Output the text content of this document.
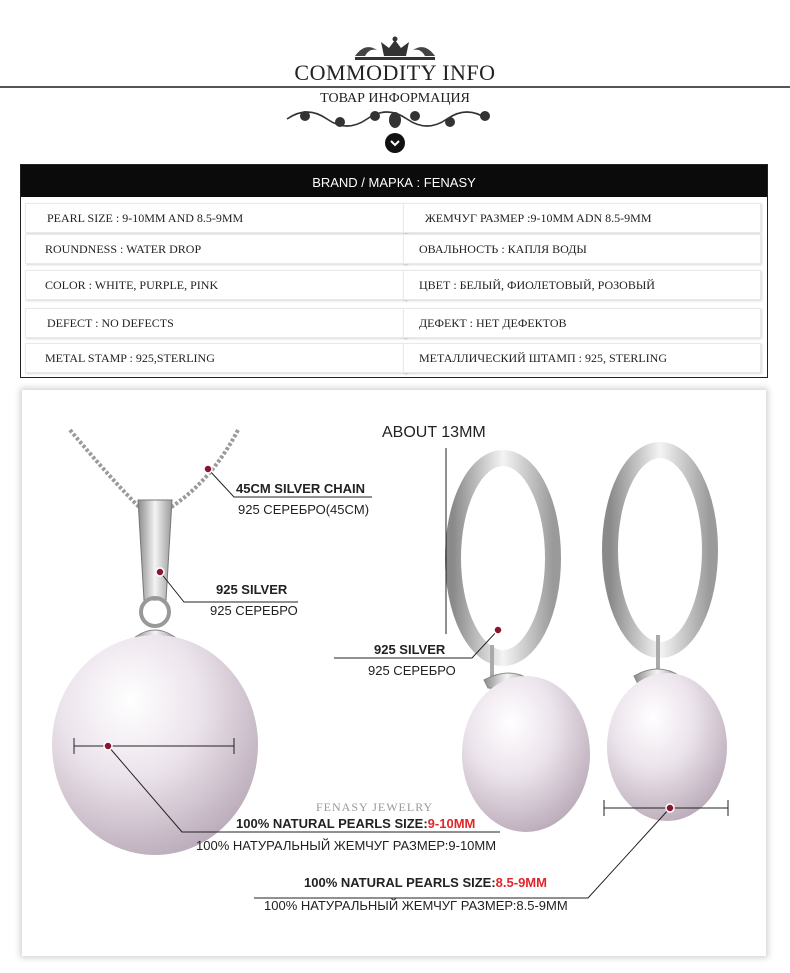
COMMODITY INFO
ТОВАР ИНФОРМАЦИЯ
BRAND / МАРКА : FENASY
PEARL SIZE : 9-10MM AND 8.5-9MM	ЖЕМЧУГ РАЗМЕР :9-10MM ADN 8.5-9MM
ROUNDNESS : WATER DROP	ОВАЛЬНОСТЬ : КАПЛЯ ВОДЫ
COLOR : WHITE, PURPLE, PINK	ЦВЕТ : БЕЛЫЙ, ФИОЛЕТОВЫЙ, РОЗОВЫЙ
DEFECT : NO DEFECTS	ДЕФЕКТ : НЕТ ДЕФЕКТОВ
METAL STAMP : 925,STERLING	МЕТАЛЛИЧЕСКИЙ ШТАМП : 925, STERLING
45CM SILVER CHAIN
925 СЕРЕБРО(45CM)
925 SILVER
925 СЕРЕБРО
ABOUT 13MM
925 SILVER
925 СЕРЕБРО
FENASY JEWELRY
100% NATURAL PEARLS SIZE:9-10MM
100% НАТУРАЛЬНЫЙ ЖЕМЧУГ РАЗМЕР:9-10MM
100% NATURAL PEARLS SIZE:8.5-9MM
100% НАТУРАЛЬНЫЙ ЖЕМЧУГ РАЗМЕР:8.5-9MM
